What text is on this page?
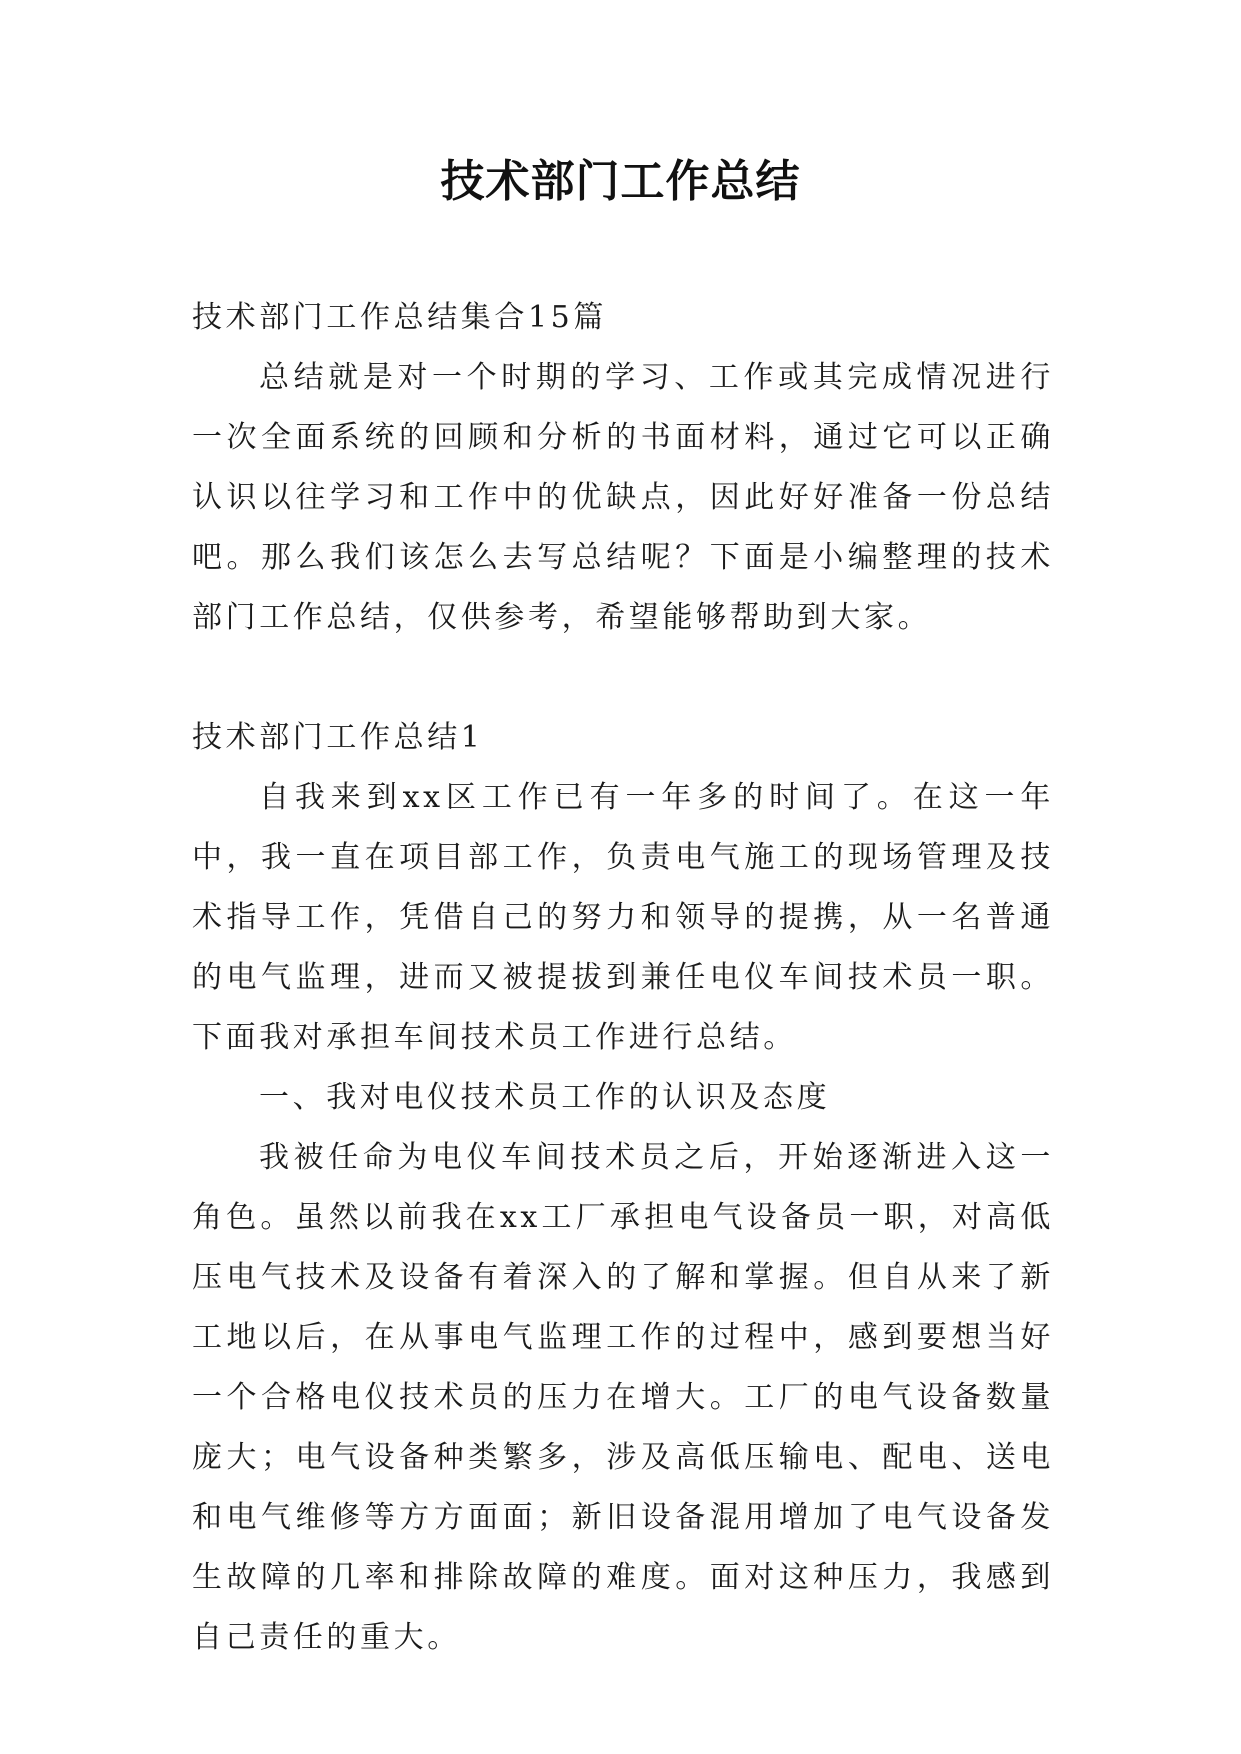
技术部门工作总结

技术部门工作总结集合15篇

总结就是对一个时期的学习、工作或其完成情况进行一次全面系统的回顾和分析的书面材料，通过它可以正确认识以往学习和工作中的优缺点，因此好好准备一份总结吧。那么我们该怎么去写总结呢？下面是小编整理的技术部门工作总结，仅供参考，希望能够帮助到大家。

技术部门工作总结1

自我来到xx区工作已有一年多的时间了。在这一年中，我一直在项目部工作，负责电气施工的现场管理及技术指导工作，凭借自己的努力和领导的提携，从一名普通的电气监理，进而又被提拔到兼任电仪车间技术员一职。下面我对承担车间技术员工作进行总结。

一、我对电仪技术员工作的认识及态度

我被任命为电仪车间技术员之后，开始逐渐进入这一角色。虽然以前我在xx工厂承担电气设备员一职，对高低压电气技术及设备有着深入的了解和掌握。但自从来了新工地以后，在从事电气监理工作的过程中，感到要想当好一个合格电仪技术员的压力在增大。工厂的电气设备数量庞大；电气设备种类繁多，涉及高低压输电、配电、送电和电气维修等方方面面；新旧设备混用增加了电气设备发生故障的几率和排除故障的难度。面对这种压力，我感到自己责任的重大。
